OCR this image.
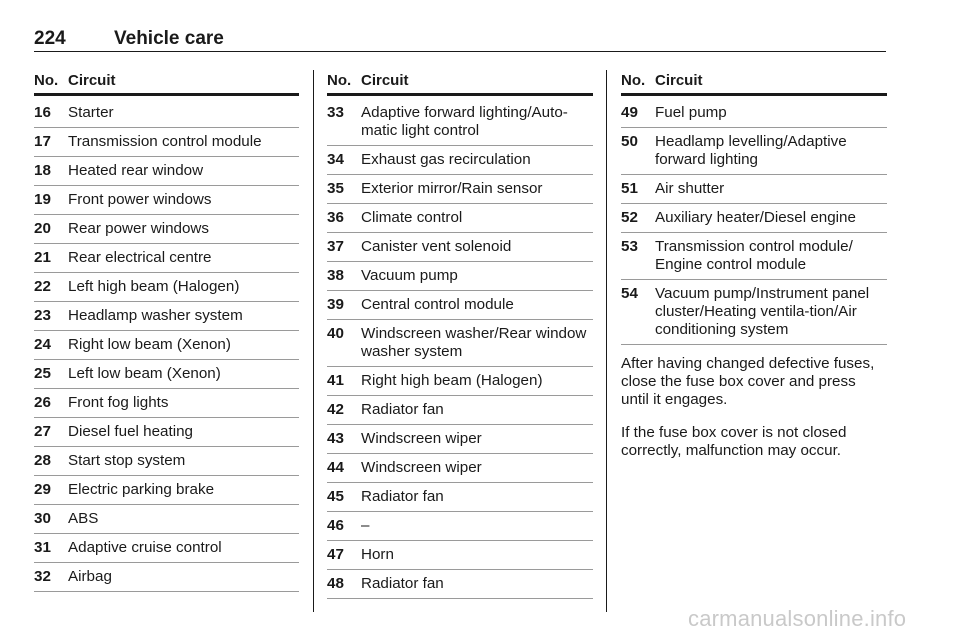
224	Vehicle care
No. Circuit
16 Starter
17 Transmission control module
18 Heated rear window
19 Front power windows
20 Rear power windows
21 Rear electrical centre
22 Left high beam (Halogen)
23 Headlamp washer system
24 Right low beam (Xenon)
25 Left low beam (Xenon)
26 Front fog lights
27 Diesel fuel heating
28 Start stop system
29 Electric parking brake
30 ABS
31 Adaptive cruise control
32 Airbag
No. Circuit
33 Adaptive forward lighting/Auto-matic light control
34 Exhaust gas recirculation
35 Exterior mirror/Rain sensor
36 Climate control
37 Canister vent solenoid
38 Vacuum pump
39 Central control module
40 Windscreen washer/Rear window washer system
41 Right high beam (Halogen)
42 Radiator fan
43 Windscreen wiper
44 Windscreen wiper
45 Radiator fan
46 –
47 Horn
48 Radiator fan
No. Circuit
49 Fuel pump
50 Headlamp levelling/Adaptive forward lighting
51 Air shutter
52 Auxiliary heater/Diesel engine
53 Transmission control module/ Engine control module
54 Vacuum pump/Instrument panel cluster/Heating ventila-tion/Air conditioning system

After having changed defective fuses, close the fuse box cover and press until it engages.

If the fuse box cover is not closed correctly, malfunction may occur.

carmanualsonline.info
